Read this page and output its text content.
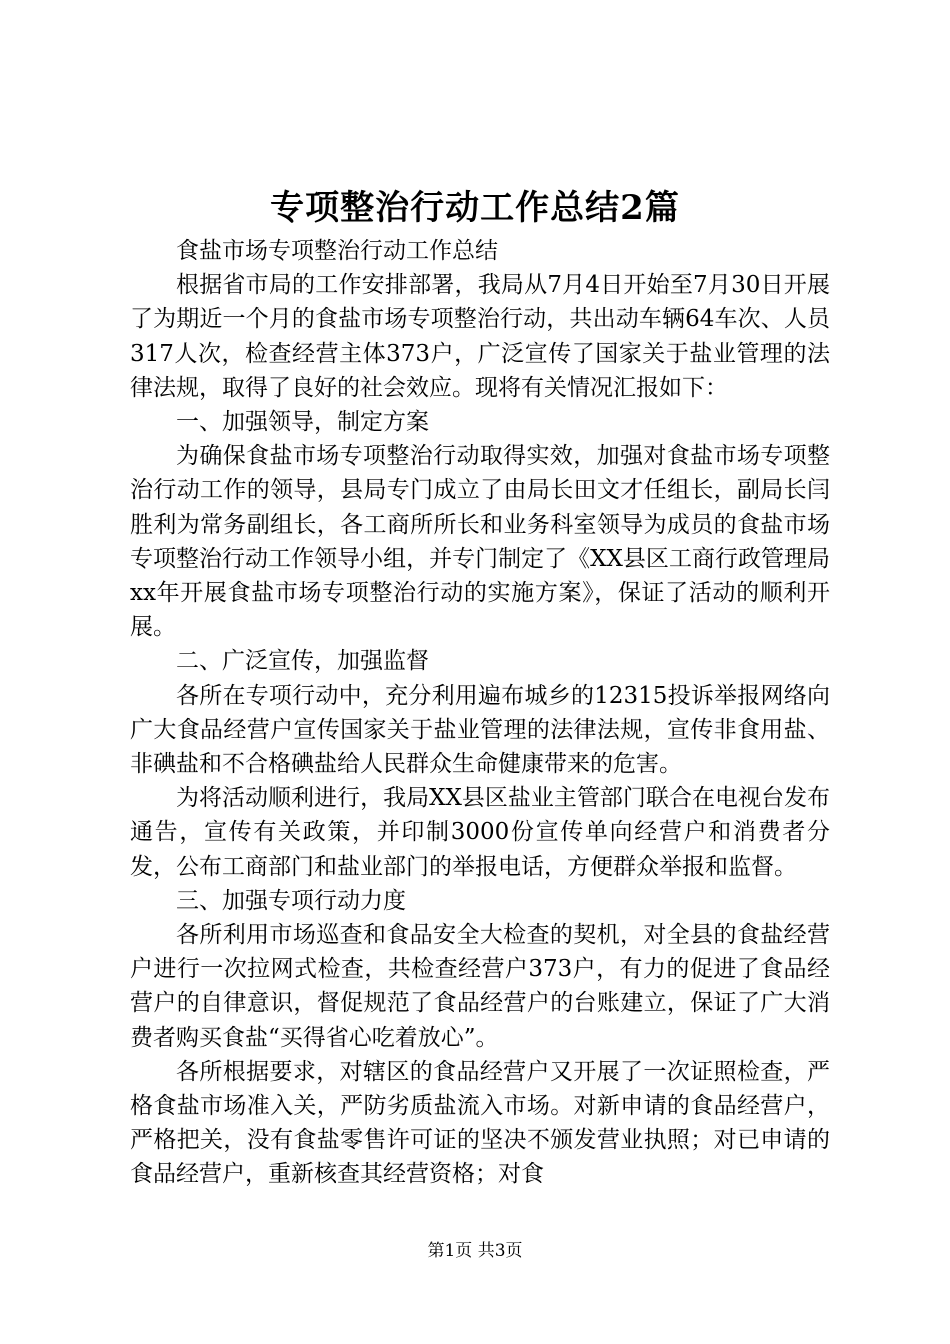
专项整治行动工作总结2篇

食盐市场专项整治行动工作总结

根据省市局的工作安排部署，我局从7月4日开始至7月30日开展了为期近一个月的食盐市场专项整治行动，共出动车辆64车次、人员317人次，检查经营主体373户，广泛宣传了国家关于盐业管理的法律法规，取得了良好的社会效应。现将有关情况汇报如下：

一、加强领导，制定方案

为确保食盐市场专项整治行动取得实效，加强对食盐市场专项整治行动工作的领导，县局专门成立了由局长田文才任组长，副局长闫胜利为常务副组长，各工商所所长和业务科室领导为成员的食盐市场专项整治行动工作领导小组，并专门制定了《XX县区工商行政管理局xx年开展食盐市场专项整治行动的实施方案》，保证了活动的顺利开展。

二、广泛宣传，加强监督

各所在专项行动中，充分利用遍布城乡的12315投诉举报网络向广大食品经营户宣传国家关于盐业管理的法律法规，宣传非食用盐、非碘盐和不合格碘盐给人民群众生命健康带来的危害。

为将活动顺利进行，我局XX县区盐业主管部门联合在电视台发布通告，宣传有关政策，并印制3000份宣传单向经营户和消费者分发，公布工商部门和盐业部门的举报电话，方便群众举报和监督。

三、加强专项行动力度

各所利用市场巡查和食品安全大检查的契机，对全县的食盐经营户进行一次拉网式检查，共检查经营户373户，有力的促进了食品经营户的自律意识，督促规范了食品经营户的台账建立，保证了广大消费者购买食盐“买得省心吃着放心”。

各所根据要求，对辖区的食品经营户又开展了一次证照检查，严格食盐市场准入关，严防劣质盐流入市场。对新申请的食品经营户，严格把关，没有食盐零售许可证的坚决不颁发营业执照；对已申请的食品经营户，重新核查其经营资格；对食

第1页 共3页
